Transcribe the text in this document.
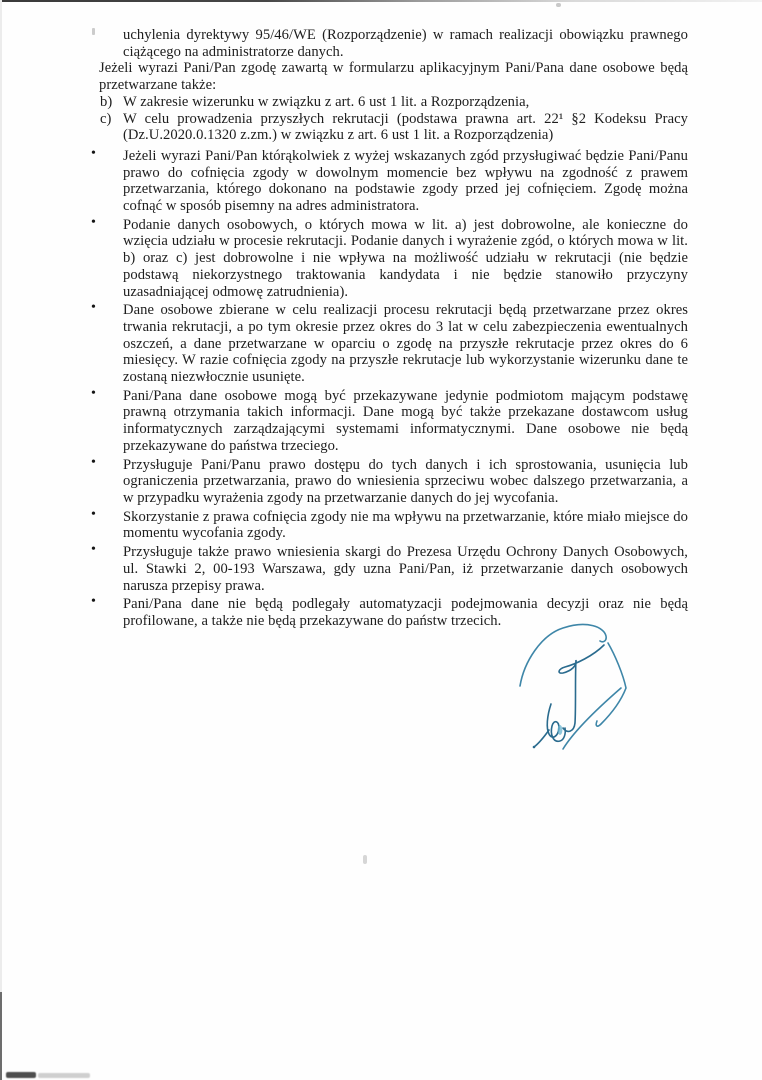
uchylenia dyrektywy 95/46/WE (Rozporządzenie) w ramach realizacji obowiązku prawnego ciążącego na administratorze danych.
Jeżeli wyrazi Pani/Pan zgodę zawartą w formularzu aplikacyjnym Pani/Pana dane osobowe będą przetwarzane także:
b) W zakresie wizerunku w związku z art. 6 ust 1 lit. a Rozporządzenia,
c) W celu prowadzenia przyszłych rekrutacji (podstawa prawna art. 22¹ §2 Kodeksu Pracy (Dz.U.2020.0.1320 z.zm.) w związku z art. 6 ust 1 lit. a Rozporządzenia)
• Jeżeli wyrazi Pani/Pan którąkolwiek z wyżej wskazanych zgód przysługiwać będzie Pani/Panu prawo do cofnięcia zgody w dowolnym momencie bez wpływu na zgodność z prawem przetwarzania, którego dokonano na podstawie zgody przed jej cofnięciem. Zgodę można cofnąć w sposób pisemny na adres administratora.
• Podanie danych osobowych, o których mowa w lit. a) jest dobrowolne, ale konieczne do wzięcia udziału w procesie rekrutacji. Podanie danych i wyrażenie zgód, o których mowa w lit. b) oraz c) jest dobrowolne i nie wpływa na możliwość udziału w rekrutacji (nie będzie podstawą niekorzystnego traktowania kandydata i nie będzie stanowiło przyczyny uzasadniającej odmowę zatrudnienia).
• Dane osobowe zbierane w celu realizacji procesu rekrutacji będą przetwarzane przez okres trwania rekrutacji, a po tym okresie przez okres do 3 lat w celu zabezpieczenia ewentualnych oszczeń, a dane przetwarzane w oparciu o zgodę na przyszłe rekrutacje przez okres do 6 miesięcy. W razie cofnięcia zgody na przyszłe rekrutacje lub wykorzystanie wizerunku dane te zostaną niezwłocznie usunięte.
• Pani/Pana dane osobowe mogą być przekazywane jedynie podmiotom mającym podstawę prawną otrzymania takich informacji. Dane mogą być także przekazane dostawcom usług informatycznych zarządzającymi systemami informatycznymi. Dane osobowe nie będą przekazywane do państwa trzeciego.
• Przysługuje Pani/Panu prawo dostępu do tych danych i ich sprostowania, usunięcia lub ograniczenia przetwarzania, prawo do wniesienia sprzeciwu wobec dalszego przetwarzania, a w przypadku wyrażenia zgody na przetwarzanie danych do jej wycofania.
• Skorzystanie z prawa cofnięcia zgody nie ma wpływu na przetwarzanie, które miało miejsce do momentu wycofania zgody.
• Przysługuje także prawo wniesienia skargi do Prezesa Urzędu Ochrony Danych Osobowych, ul. Stawki 2, 00-193 Warszawa, gdy uzna Pani/Pan, iż przetwarzanie danych osobowych narusza przepisy prawa.
• Pani/Pana dane nie będą podlegały automatyzacji podejmowania decyzji oraz nie będą profilowane, a także nie będą przekazywane do państw trzecich.
